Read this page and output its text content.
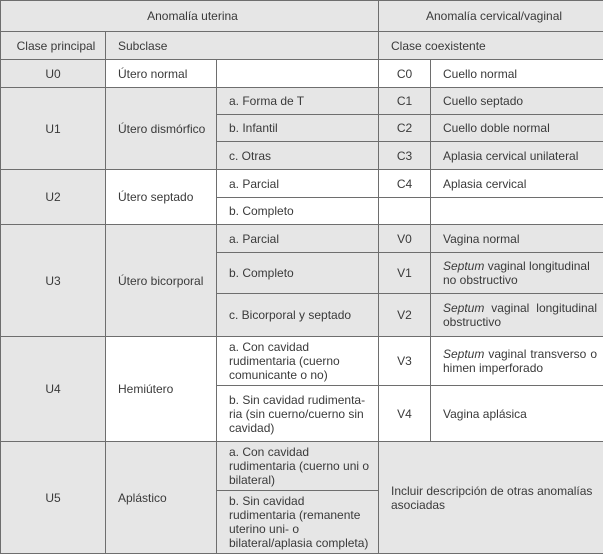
Anomalía uterina			Anomalía cervical/vaginal	
Clase principal	Subclase		Clase coexistente	
U0	Útero normal		C0	Cuello normal
U1	Útero dismórfico	a. Forma de T	C1	Cuello septado
		b. Infantil	C2	Cuello doble normal
		c. Otras	C3	Aplasia cervical unilateral
U2	Útero septado	a. Parcial	C4	Aplasia cervical
		b. Completo		
U3	Útero bicorporal	a. Parcial	V0	Vagina normal
		b. Completo	V1	Septum vaginal longitudinal no obstructivo
		c. Bicorporal y septado	V2	Septum vaginal longitudinal obstructivo
U4	Hemiútero	a. Con cavidad rudimentaria (cuerno comunicante o no)	V3	Septum vaginal transverso o himen imperforado
		b. Sin cavidad rudimenta-ria (sin cuerno/cuerno sin cavidad)	V4	Vagina aplásica
U5	Aplástico	a. Con cavidad rudimentaria (cuerno uni o bilateral)	Incluir descripción de otras anomalías asociadas	
		b. Sin cavidad rudimentaria (remanente uterino uni- o bilateral/aplasia completa)		
